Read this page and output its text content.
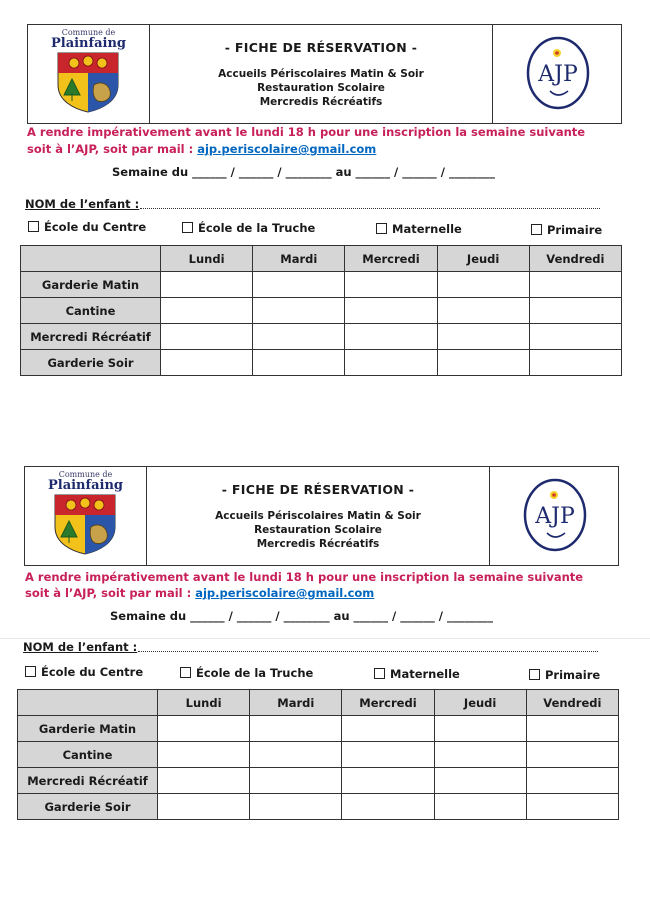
Commune de
Plainfaing	- FICHE DE RÉSERVATION -
Accueils Périscolaires Matin & Soir
Restauration Scolaire
Mercredis Récréatifs
AJP
A rendre impérativement avant le lundi 18 h pour une inscription la semaine suivante
soit à l’AJP, soit par mail : ajp.periscolaire@gmail.com
Semaine du ______ / ______ / ________ au ______ / ______ / ________
NOM de l’enfant :
École du Centre	École de la Truche	Maternelle	Primaire
	Lundi	Mardi	Mercredi	Jeudi	Vendredi
Garderie Matin					
Cantine					
Mercredi Récréatif					
Garderie Soir					
Commune de
Plainfaing	- FICHE DE RÉSERVATION -
Accueils Périscolaires Matin & Soir
Restauration Scolaire
Mercredis Récréatifs
AJP
A rendre impérativement avant le lundi 18 h pour une inscription la semaine suivante
soit à l’AJP, soit par mail : ajp.periscolaire@gmail.com
Semaine du ______ / ______ / ________ au ______ / ______ / ________
NOM de l’enfant :
École du Centre	École de la Truche	Maternelle	Primaire
	Lundi	Mardi	Mercredi	Jeudi	Vendredi
Garderie Matin					
Cantine					
Mercredi Récréatif					
Garderie Soir					
